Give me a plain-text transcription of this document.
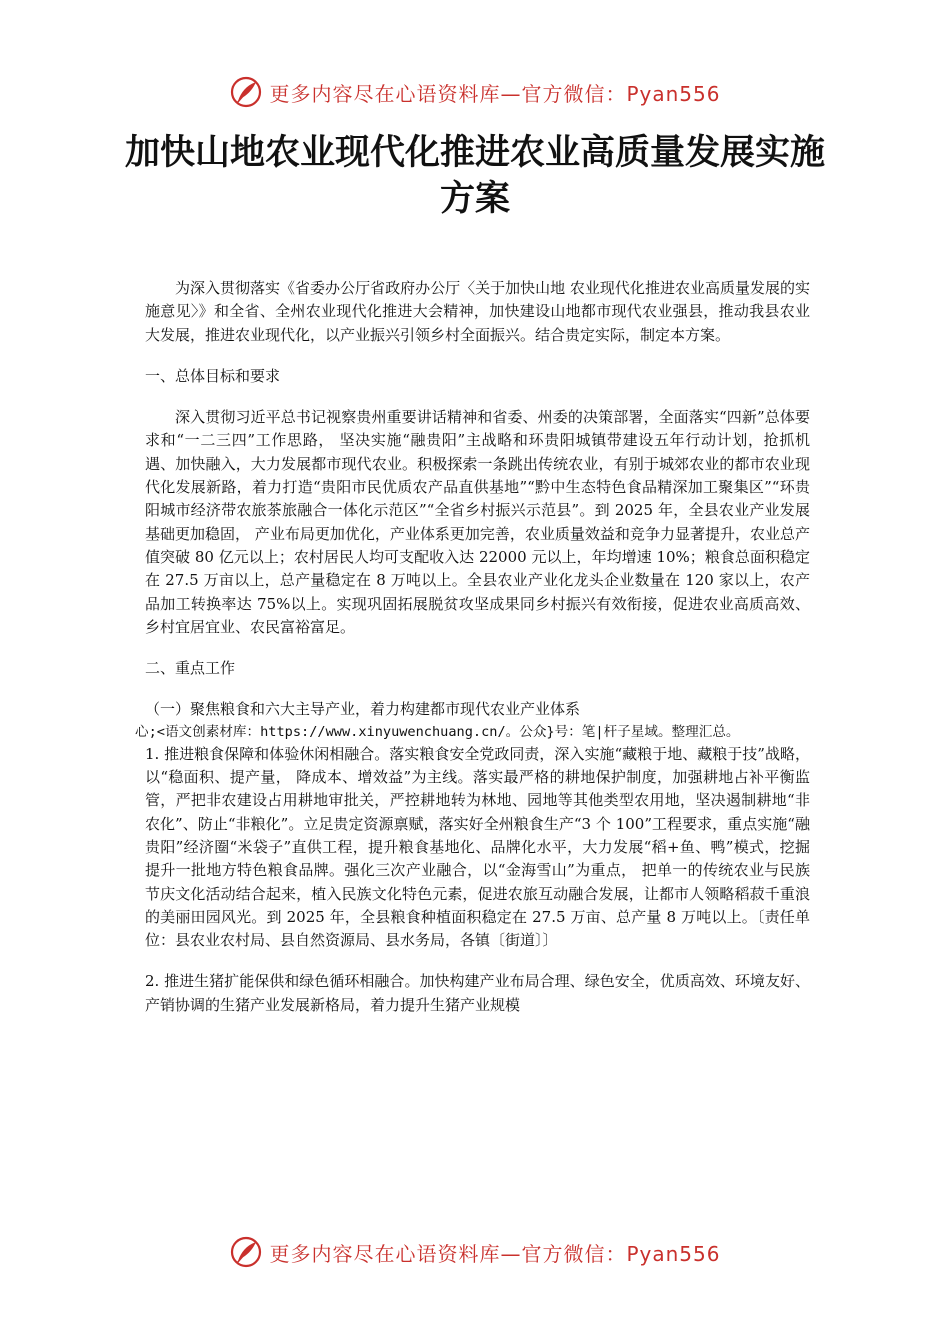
更多内容尽在心语资料库—官方微信：Pyan556
加快山地农业现代化推进农业高质量发展实施方案

为深入贯彻落实《省委办公厅省政府办公厅〈关于加快山地 农业现代化推进农业高质量发展的实施意见〉》和全省、全州农业现代化推进大会精神，加快建设山地都市现代农业强县，推动我县农业大发展，推进农业现代化，以产业振兴引领乡村全面振兴。结合贵定实际，制定本方案。

一、总体目标和要求

深入贯彻习近平总书记视察贵州重要讲话精神和省委、州委的决策部署，全面落实“四新”总体要求和“一二三四”工作思路， 坚决实施“融贵阳”主战略和环贵阳城镇带建设五年行动计划，抢抓机遇、加快融入，大力发展都市现代农业。积极探索一条跳出传统农业，有别于城郊农业的都市农业现代化发展新路，着力打造“贵阳市民优质农产品直供基地”“黔中生态特色食品精深加工聚集区”“环贵阳城市经济带农旅茶旅融合一体化示范区”“全省乡村振兴示范县”。到 2025 年，全县农业产业发展基础更加稳固， 产业布局更加优化，产业体系更加完善，农业质量效益和竞争力显著提升，农业总产值突破 80 亿元以上；农村居民人均可支配收入达 22000 元以上，年均增速 10%；粮食总面积稳定在 27.5 万亩以上，总产量稳定在 8 万吨以上。全县农业产业化龙头企业数量在 120 家以上，农产品加工转换率达 75%以上。实现巩固拓展脱贫攻坚成果同乡村振兴有效衔接，促进农业高质高效、乡村宜居宜业、农民富裕富足。

二、重点工作

（一）聚焦粮食和六大主导产业，着力构建都市现代农业产业体系

心;<语文创素材库：https://www.xinyuwenchuang.cn/。公众}号：笔|杆子星域。整理汇总。

1. 推进粮食保障和体验休闲相融合。落实粮食安全党政同责，深入实施“藏粮于地、藏粮于技”战略，以“稳面积、提产量， 降成本、增效益”为主线。落实最严格的耕地保护制度，加强耕地占补平衡监管，严把非农建设占用耕地审批关，严控耕地转为林地、园地等其他类型农用地，坚决遏制耕地“非农化”、防止“非粮化”。立足贵定资源禀赋，落实好全州粮食生产“3 个 100”工程要求，重点实施“融贵阳”经济圈“米袋子”直供工程，提升粮食基地化、品牌化水平，大力发展“稻+鱼、鸭”模式，挖掘提升一批地方特色粮食品牌。强化三次产业融合，以“金海雪山”为重点， 把单一的传统农业与民族节庆文化活动结合起来，植入民族文化特色元素，促进农旅互动融合发展，让都市人领略稻菽千重浪的美丽田园风光。到 2025 年，全县粮食种植面积稳定在 27.5 万亩、总产量 8 万吨以上。〔责任单位：县农业农村局、县自然资源局、县水务局，各镇〔街道〕〕

2. 推进生猪扩能保供和绿色循环相融合。加快构建产业布局合理、绿色安全，优质高效、环境友好、产销协调的生猪产业发展新格局，着力提升生猪产业规模

更多内容尽在心语资料库—官方微信：Pyan556
